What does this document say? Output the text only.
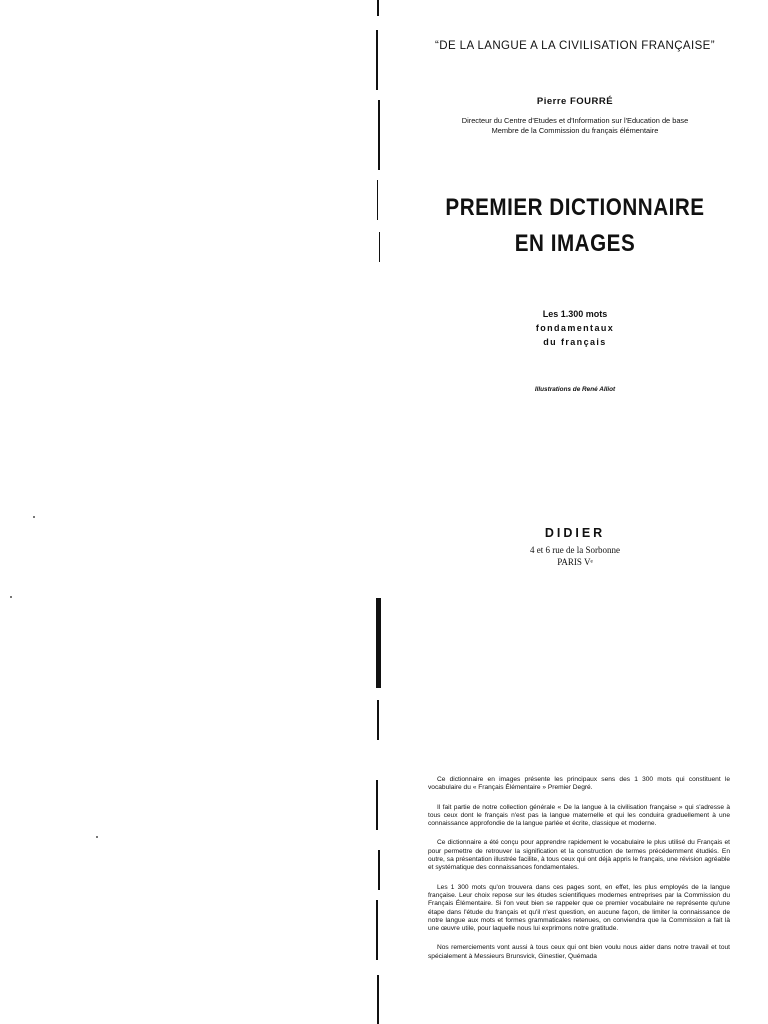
“DE LA LANGUE A LA CIVILISATION FRANÇAISE”
Pierre FOURRÉ
Directeur du Centre d'Etudes et d'Information sur l'Education de base
Membre de la Commission du français élémentaire
PREMIER DICTIONNAIRE
EN IMAGES
Les 1.300 mots
fondamentaux
du français
Illustrations de René Alliot
DIDIER
4 et 6 rue de la Sorbonne
PARIS Vᵉ

Ce dictionnaire en images présente les principaux sens des 1 300 mots qui constituent le vocabulaire du « Français Élémentaire » Premier Degré.

Il fait partie de notre collection générale « De la langue à la civilisation française » qui s'adresse à tous ceux dont le français n'est pas la langue maternelle et qui les conduira graduellement à une connaissance approfondie de la langue parlée et écrite, classique et moderne.

Ce dictionnaire a été conçu pour apprendre rapidement le vocabulaire le plus utilisé du Français et pour permettre de retrouver la signification et la construction de termes précédemment étudiés. En outre, sa présentation illustrée facilite, à tous ceux qui ont déjà appris le français, une révision agréable et systématique des connaissances fondamentales.

Les 1 300 mots qu'on trouvera dans ces pages sont, en effet, les plus employés de la langue française. Leur choix repose sur les études scientifiques modernes entreprises par la Commission du Français Élémentaire. Si l'on veut bien se rappeler que ce premier vocabulaire ne représente qu'une étape dans l'étude du français et qu'il n'est question, en aucune façon, de limiter la connaissance de notre langue aux mots et formes grammaticales retenues, on conviendra que la Commission a fait là une œuvre utile, pour laquelle nous lui exprimons notre gratitude.

Nos remerciements vont aussi à tous ceux qui ont bien voulu nous aider dans notre travail et tout spécialement à Messieurs Brunsvick, Ginestier, Quémada
